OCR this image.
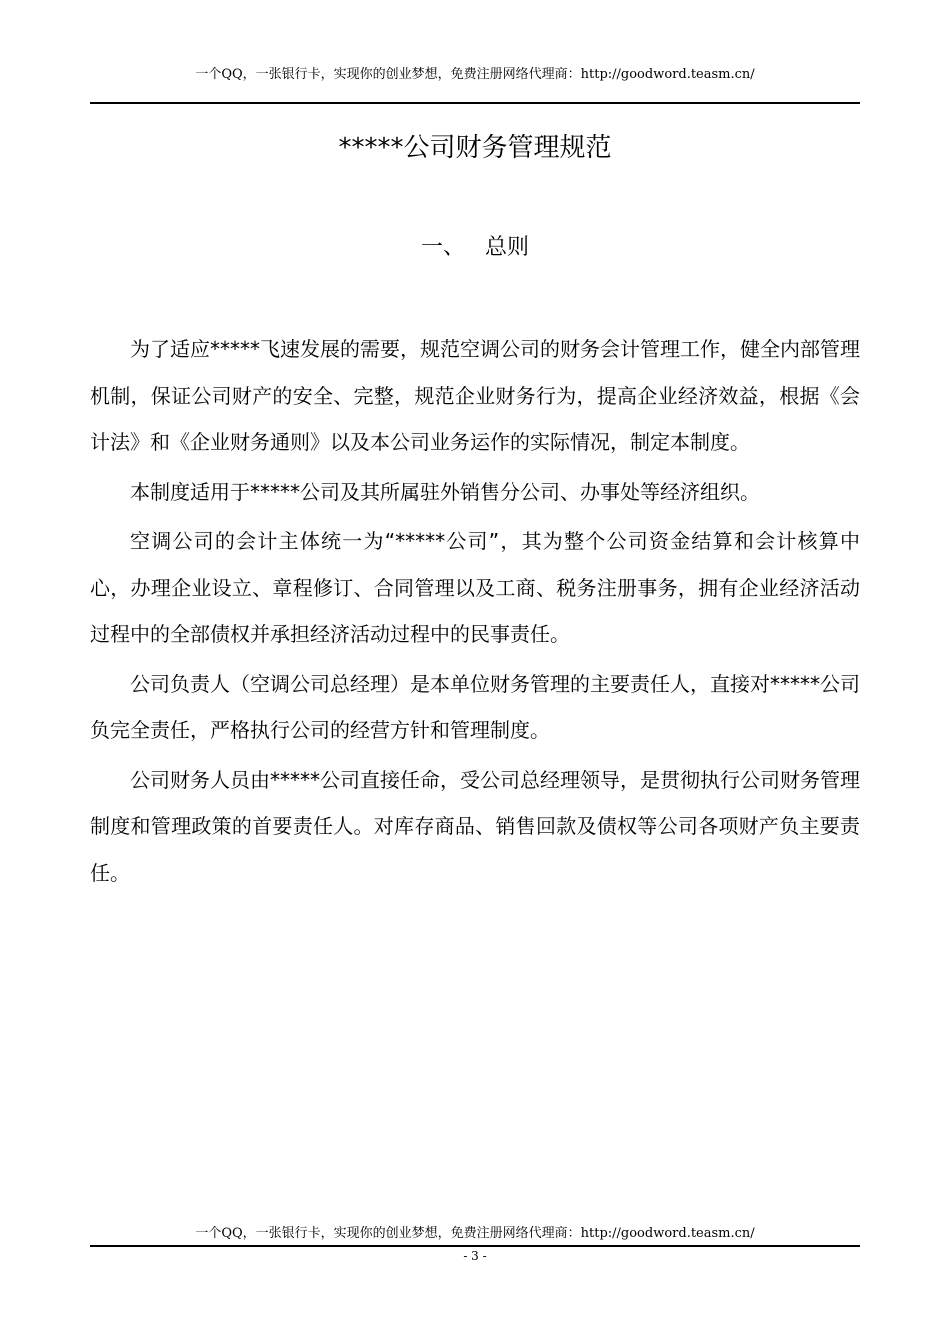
一个QQ，一张银行卡，实现你的创业梦想，免费注册网络代理商：http://goodword.teasm.cn/
*****公司财务管理规范
一、 总则

为了适应*****飞速发展的需要，规范空调公司的财务会计管理工作，健全内部管理机制，保证公司财产的安全、完整，规范企业财务行为，提高企业经济效益，根据《会计法》和《企业财务通则》以及本公司业务运作的实际情况，制定本制度。

本制度适用于*****公司及其所属驻外销售分公司、办事处等经济组织。

空调公司的会计主体统一为“*****公司”，其为整个公司资金结算和会计核算中心，办理企业设立、章程修订、合同管理以及工商、税务注册事务，拥有企业经济活动过程中的全部债权并承担经济活动过程中的民事责任。

公司负责人（空调公司总经理）是本单位财务管理的主要责任人，直接对*****公司负完全责任，严格执行公司的经营方针和管理制度。

公司财务人员由*****公司直接任命，受公司总经理领导，是贯彻执行公司财务管理制度和管理政策的首要责任人。对库存商品、销售回款及债权等公司各项财产负主要责任。

一个QQ，一张银行卡，实现你的创业梦想，免费注册网络代理商：http://goodword.teasm.cn/
- 3 -
